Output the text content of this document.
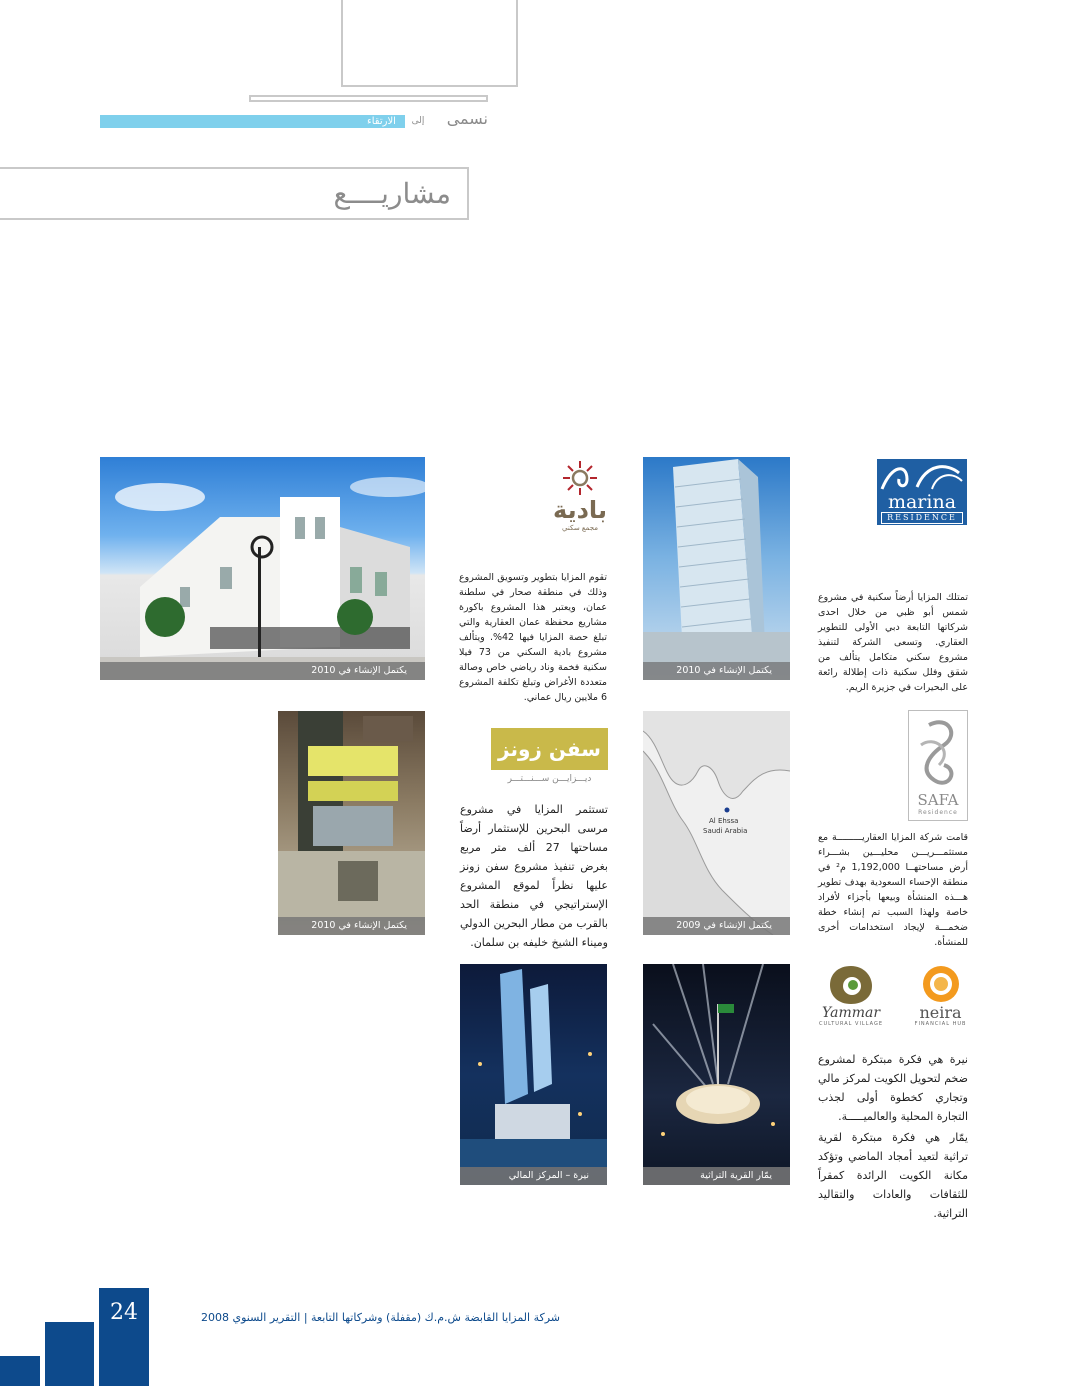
الارتقاء	إلى	نسمى
مشاريــــع
يكتمل الإنشاء في 2010
بادية
مجمع سكني
تقوم المزايا بتطوير وتسويق المشروع وذلك في منطقة صحار في سلطنة عمان، ويعتبر هذا المشروع باكورة مشاريع محفظة عمان العقارية والتي تبلغ حصة المزايا فيها 42%. ويتألف مشروع بادية السكني من 73 فيلا سكنية فخمة وناد رياضي خاص وصالة متعددة الأغراض وتبلغ تكلفة المشروع 6 ملايين ريال عماني.
يكتمل الإنشاء في 2010
marina
RESIDENCE
تمتلك المزايا أرضاً سكنية في مشروع شمس أبو ظبي من خلال احدى شركاتها التابعة دبي الأولى للتطوير العقاري. وتسعى الشركة لتنفيذ مشروع سكني متكامل يتألف من شقق وفلل سكنية ذات إطلالة رائعة على البحيرات في جزيرة الريم.
يكتمل الإنشاء في 2010
سفن زونز
ديـــزايـــن ســـنـــتـــر
تستثمر المزايا في مشروع مرسى البحرين للإستثمار أرضاً مساحتها 27 ألف متر مربع بغرض تنفيذ مشروع سفن زونز عليها نظراً لموقع المشروع الإستراتيجي في منطقة الحد بالقرب من مطار البحرين الدولي وميناء الشيخ خليفه بن سلمان.
Al Ehssa
Saudi Arabia
يكتمل الإنشاء في 2009
SAFA
Residence
قامت شركة المزايا العقاريـــــــــة مع مستثمـــريـــن محليـــين بشـــراء أرض مساحتهــا 1,192,000 م² في منطقة الإحساء السعودية بهدف تطوير هـــذه المنشأة وبيعها بأجزاء لأفراد خاصة ولهذا السبب تم إنشاء خطة ضخمـــة لإيجاد استخدامات أخرى للمنشأة.
نيرة – المركز المالي	يمّار القرية التراثية
Yammar
CULTURAL VILLAGE
neira
FINANCIAL HUB
نيرة هي فكرة مبتكرة لمشروع ضخم لتحويل الكويت لمركز مالي وتجاري كخطوة أولى لجذب التجارة المحلية والعالميـــــة.
يمّار هي فكرة مبتكرة لقرية تراثية لتعيد أمجاد الماضي وتؤكد مكانة الكويت الرائدة كمقراً للثقافات والعادات والتقاليد التراثية.
24	شركة المزايا القابضة ش.م.ك (مقفلة) وشركاتها التابعة | التقرير السنوي 2008
